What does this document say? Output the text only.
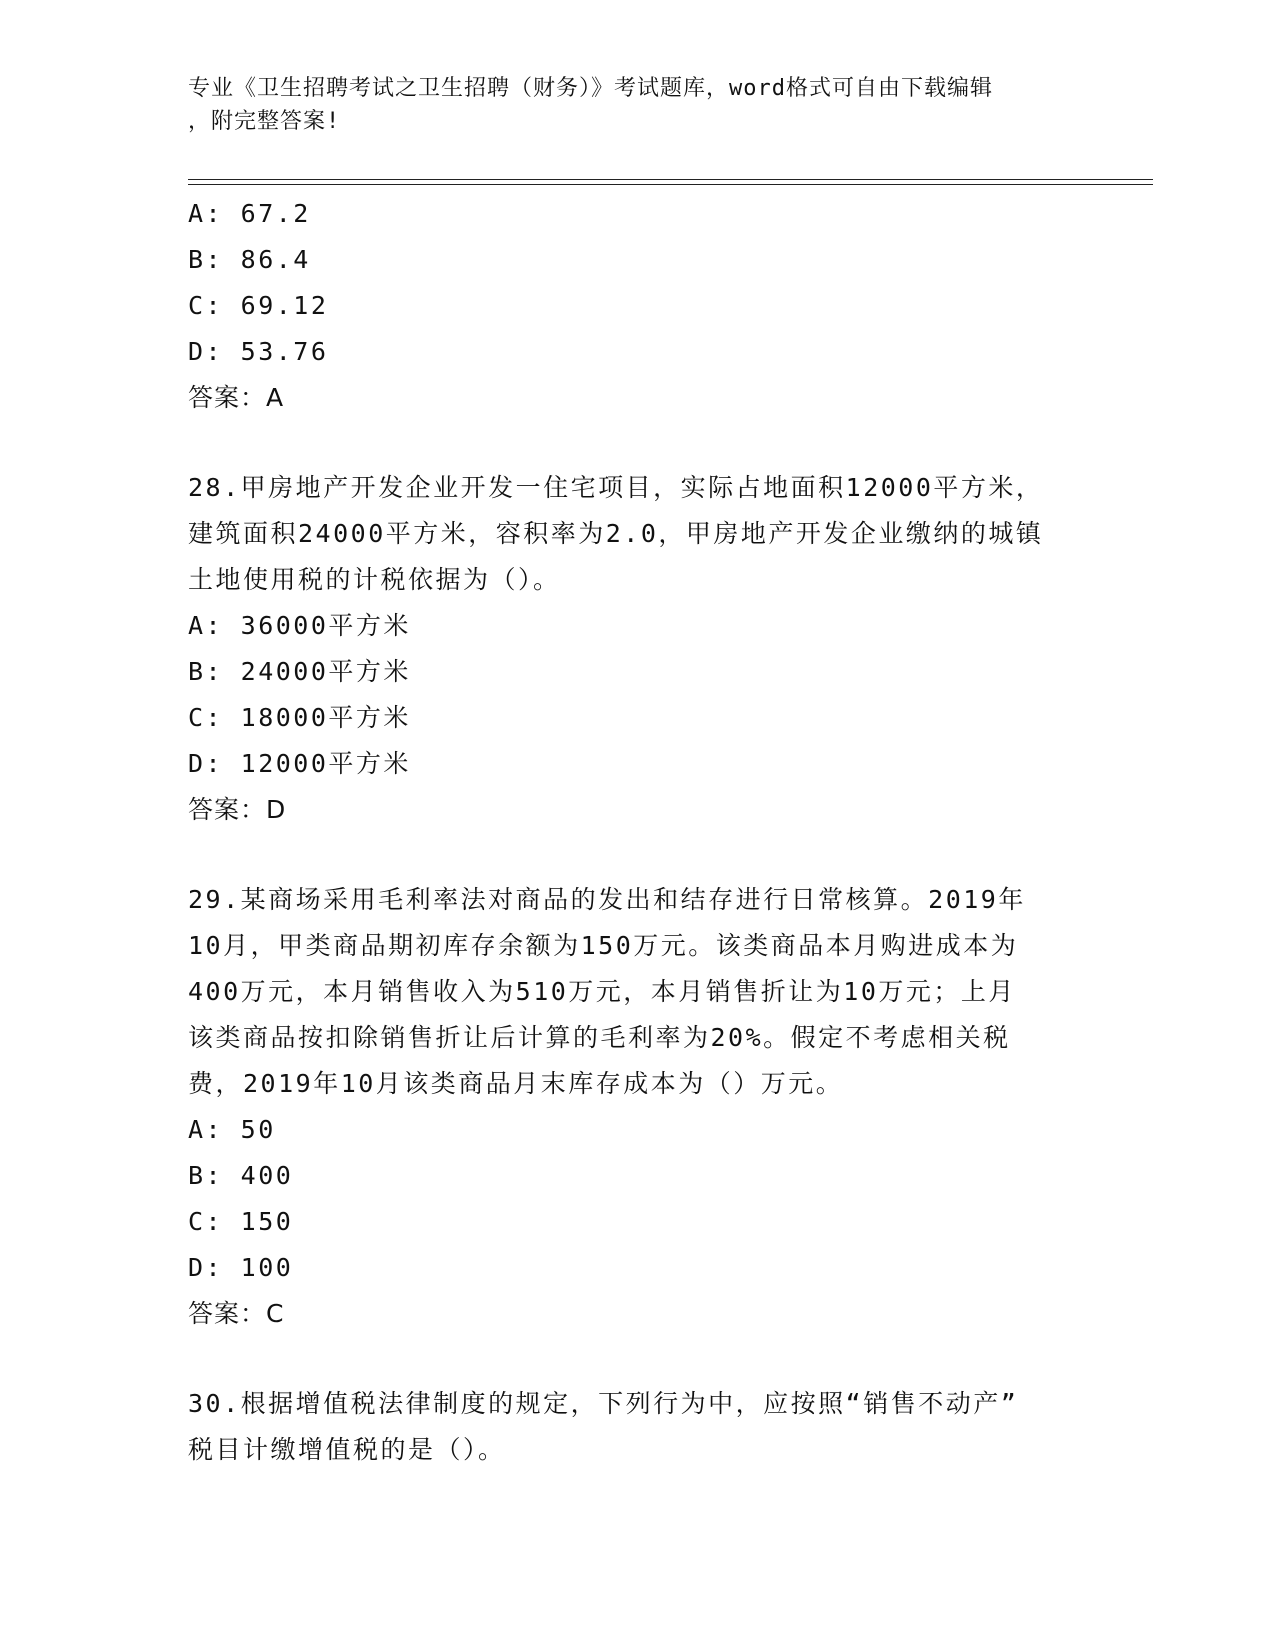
专业《卫生招聘考试之卫生招聘（财务）》考试题库，word格式可自由下载编辑
，附完整答案!
A: 67.2
B: 86.4
C: 69.12
D: 53.76
答案：A
28.甲房地产开发企业开发一住宅项目，实际占地面积12000平方米，
建筑面积24000平方米，容积率为2.0，甲房地产开发企业缴纳的城镇
土地使用税的计税依据为（）。
A: 36000平方米
B: 24000平方米
C: 18000平方米
D: 12000平方米
答案：D
29.某商场采用毛利率法对商品的发出和结存进行日常核算。2019年
10月，甲类商品期初库存余额为150万元。该类商品本月购进成本为
400万元，本月销售收入为510万元，本月销售折让为10万元；上月
该类商品按扣除销售折让后计算的毛利率为20%。假定不考虑相关税
费，2019年10月该类商品月末库存成本为（）万元。
A: 50
B: 400
C: 150
D: 100
答案：C
30.根据增值税法律制度的规定，下列行为中，应按照“销售不动产”
税目计缴增值税的是（）。
